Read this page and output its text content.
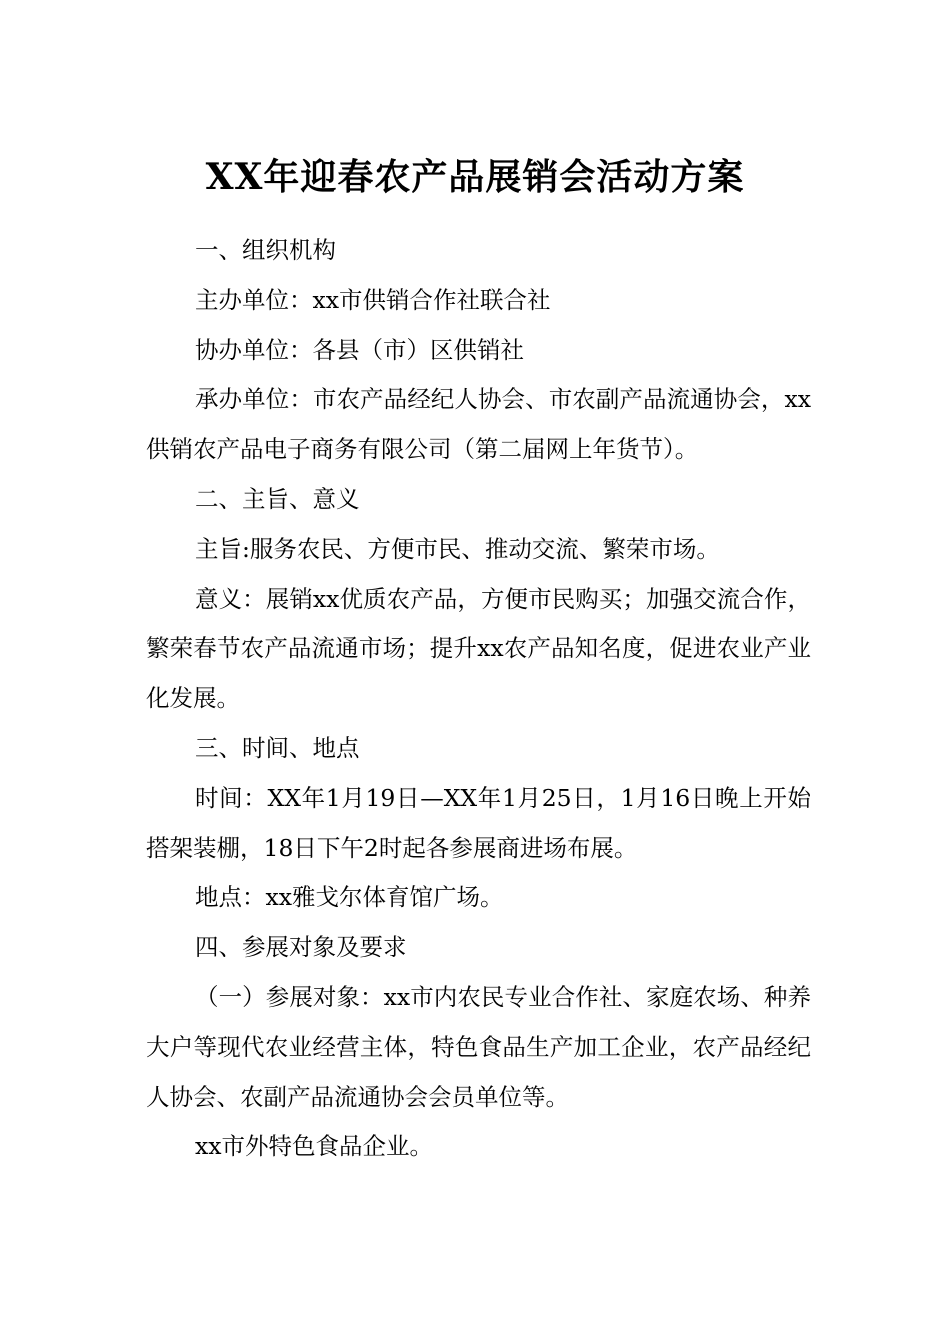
XX年迎春农产品展销会活动方案

一、组织机构

主办单位：xx市供销合作社联合社

协办单位：各县（市）区供销社

承办单位：市农产品经纪人协会、市农副产品流通协会，xx供销农产品电子商务有限公司（第二届网上年货节）。

二、主旨、意义

主旨:服务农民、方便市民、推动交流、繁荣市场。

意义：展销xx优质农产品，方便市民购买；加强交流合作，繁荣春节农产品流通市场；提升xx农产品知名度，促进农业产业化发展。

三、时间、地点

时间：XX年1月19日—XX年1月25日，1月16日晚上开始搭架装棚，18日下午2时起各参展商进场布展。

地点：xx雅戈尔体育馆广场。

四、参展对象及要求

（一）参展对象：xx市内农民专业合作社、家庭农场、种养大户等现代农业经营主体，特色食品生产加工企业，农产品经纪人协会、农副产品流通协会会员单位等。

xx市外特色食品企业。
